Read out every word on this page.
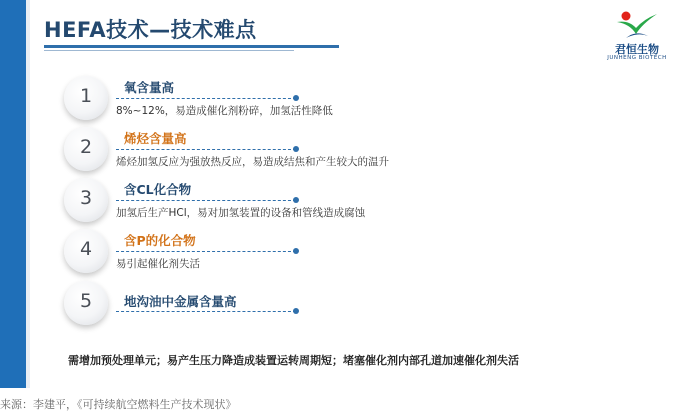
HEFA技术—技术难点
君恒生物
JUNHENG BIOTECH
1	氧含量高
8%~12%，易造成催化剂粉碎，加氢活性降低
2	烯烃含量高
烯烃加氢反应为强放热反应，易造成结焦和产生较大的温升
3	含CL化合物
加氢后生产HCl，易对加氢装置的设备和管线造成腐蚀
4	含P的化合物
易引起催化剂失活
5	地沟油中金属含量高
需增加预处理单元；易产生压力降造成装置运转周期短；堵塞催化剂内部孔道加速催化剂失活
来源：李建平，《可持续航空燃料生产技术现状》
